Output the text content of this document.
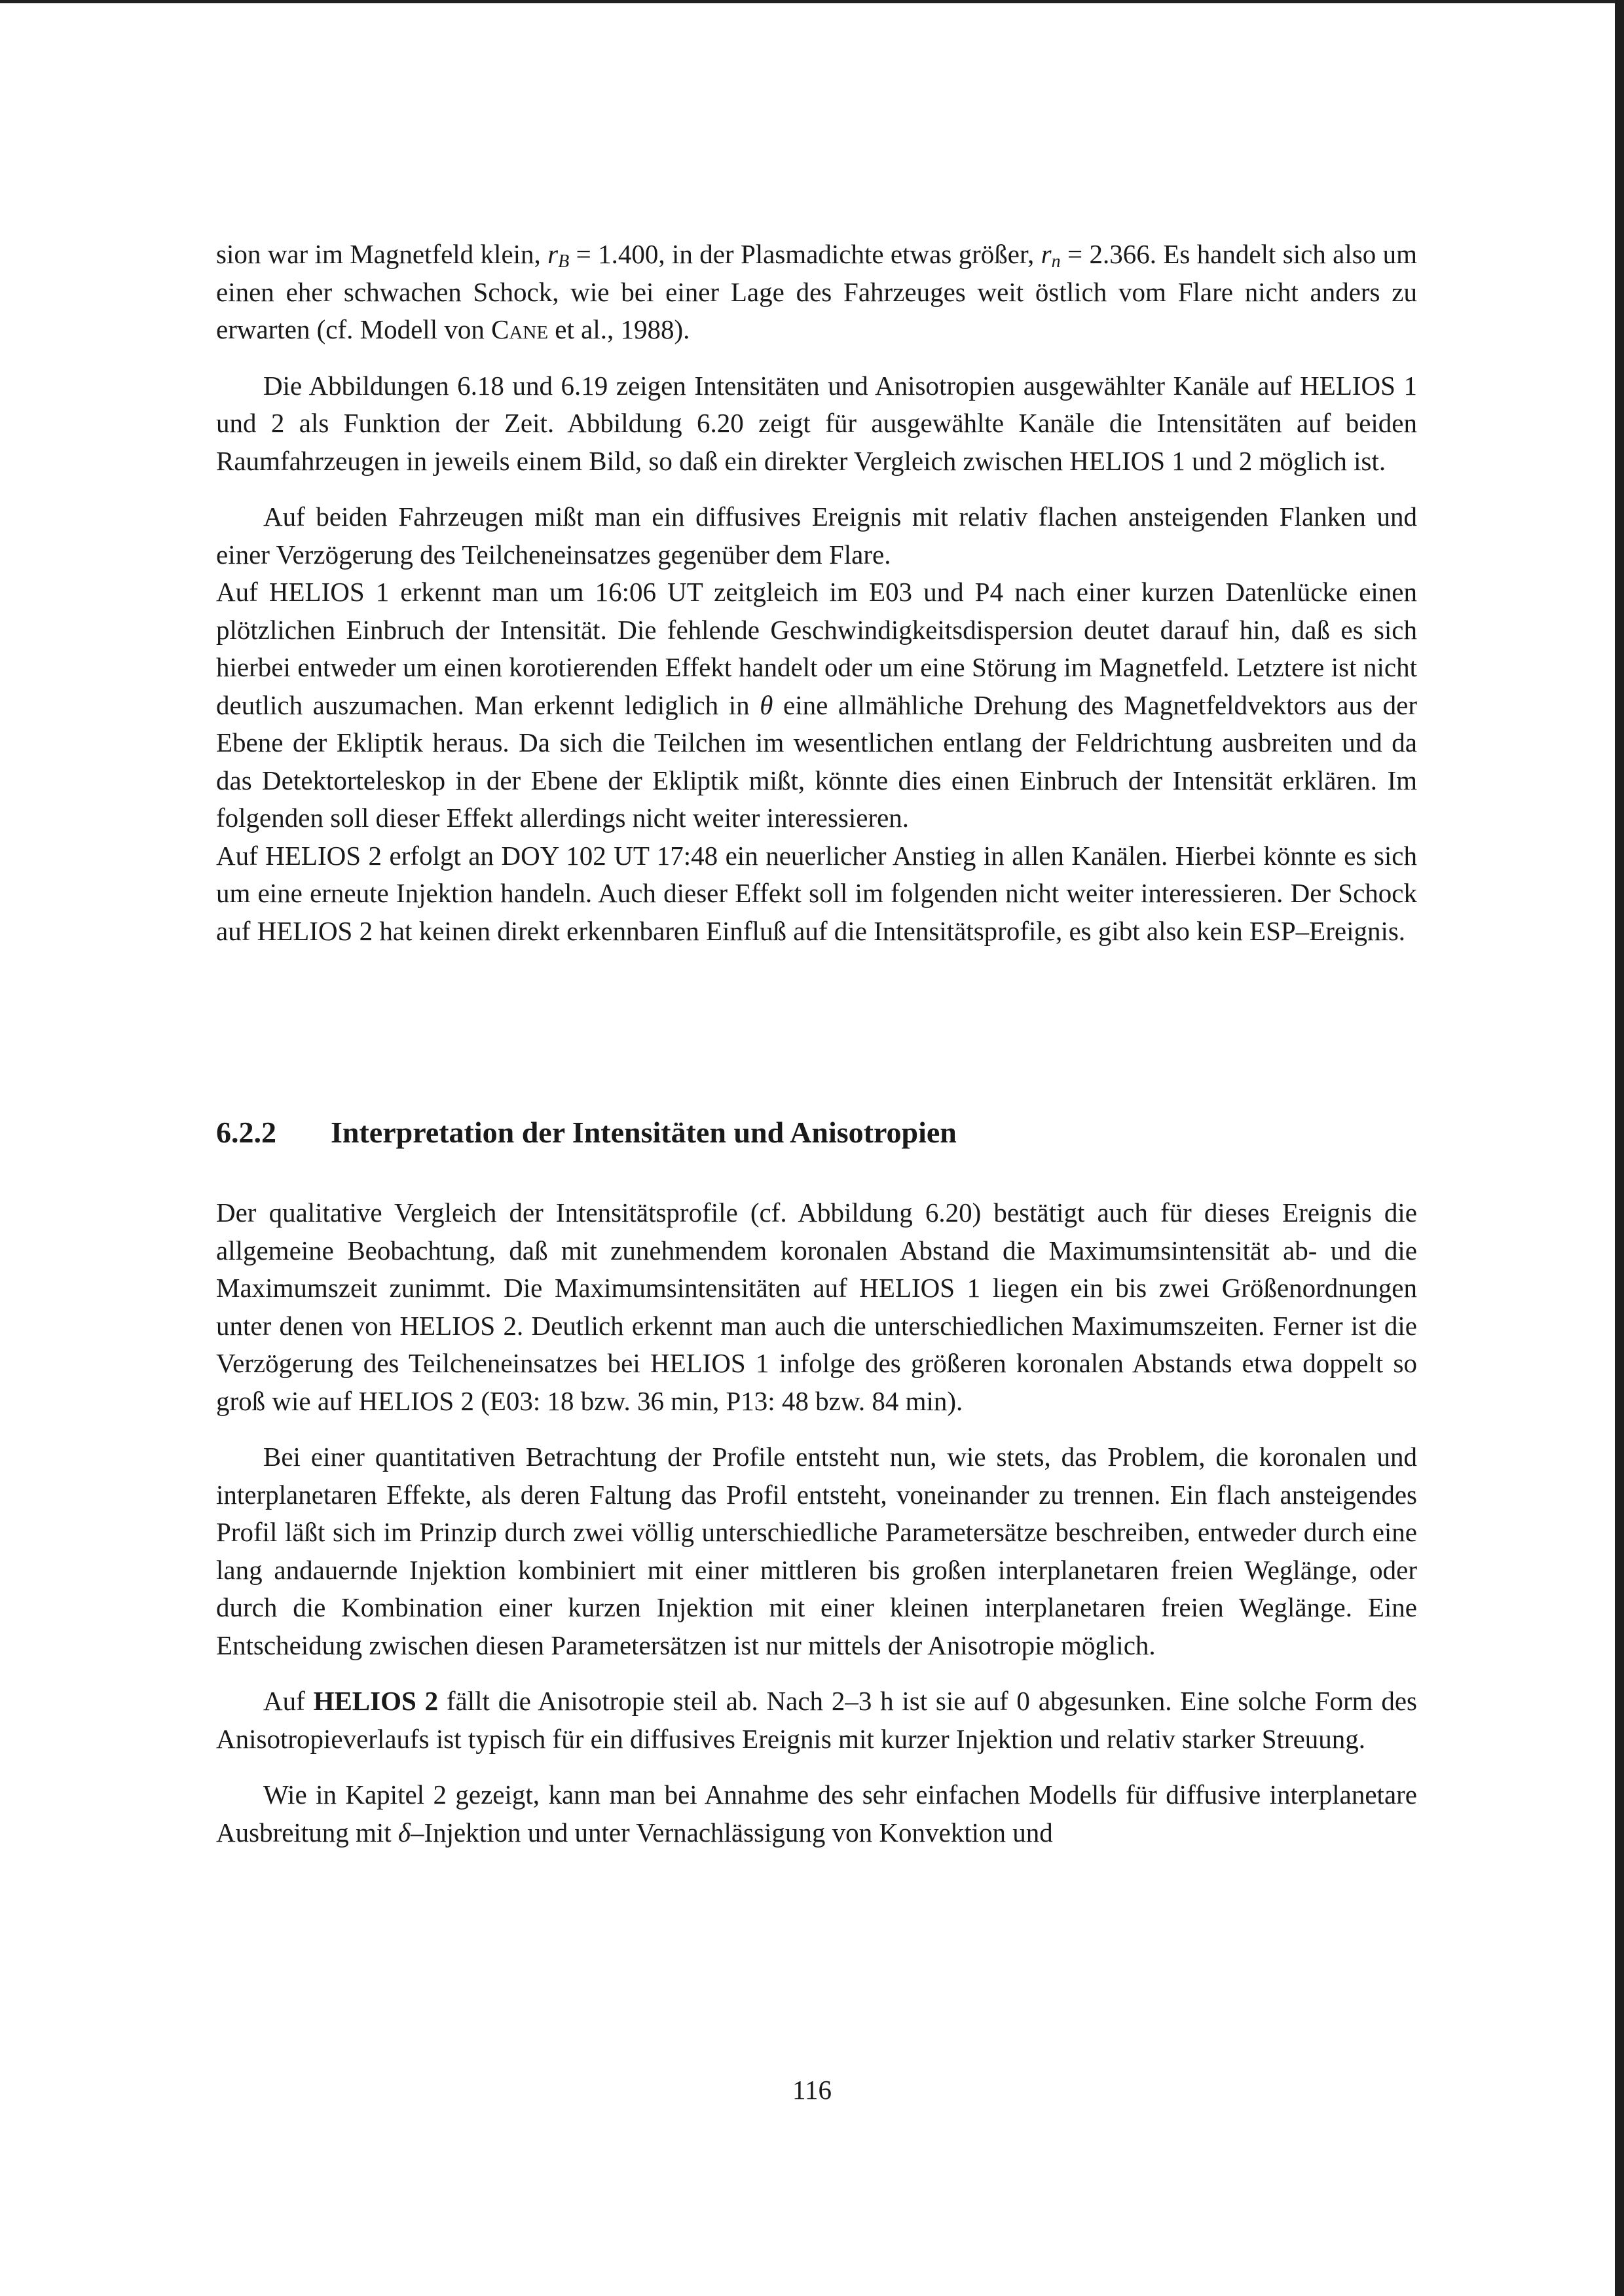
sion war im Magnetfeld klein, $r_B = 1.400$, in der Plasmadichte etwas größer, $r_n = 2.366$. Es handelt sich also um einen eher schwachen Schock, wie bei einer Lage des Fahrzeuges weit östlich vom Flare nicht anders zu erwarten (cf. Modell von Cane et al., 1988).

Die Abbildungen 6.18 und 6.19 zeigen Intensitäten und Anisotropien ausgewählter Kanäle auf HELIOS 1 und 2 als Funktion der Zeit. Abbildung 6.20 zeigt für ausgewählte Kanäle die Intensitäten auf beiden Raumfahrzeugen in jeweils einem Bild, so daß ein direkter Vergleich zwischen HELIOS 1 und 2 möglich ist.

Auf beiden Fahrzeugen mißt man ein diffusives Ereignis mit relativ flachen ansteigenden Flanken und einer Verzögerung des Teilcheneinsatzes gegenüber dem Flare.

Auf HELIOS 1 erkennt man um 16:06 UT zeitgleich im E03 und P4 nach einer kurzen Datenlücke einen plötzlichen Einbruch der Intensität. Die fehlende Geschwindigkeitsdispersion deutet darauf hin, daß es sich hierbei entweder um einen korotierenden Effekt handelt oder um eine Störung im Magnetfeld. Letztere ist nicht deutlich auszumachen. Man erkennt lediglich in θ eine allmähliche Drehung des Magnetfeldvektors aus der Ebene der Ekliptik heraus. Da sich die Teilchen im wesentlichen entlang der Feldrichtung ausbreiten und da das Detektorteleskop in der Ebene der Ekliptik mißt, könnte dies einen Einbruch der Intensität erklären. Im folgenden soll dieser Effekt allerdings nicht weiter interessieren.

Auf HELIOS 2 erfolgt an DOY 102 UT 17:48 ein neuerlicher Anstieg in allen Kanälen. Hierbei könnte es sich um eine erneute Injektion handeln. Auch dieser Effekt soll im folgenden nicht weiter interessieren. Der Schock auf HELIOS 2 hat keinen direkt erkennbaren Einfluß auf die Intensitätsprofile, es gibt also kein ESP–Ereignis.

6.2.2 Interpretation der Intensitäten und Anisotropien

Der qualitative Vergleich der Intensitätsprofile (cf. Abbildung 6.20) bestätigt auch für dieses Ereignis die allgemeine Beobachtung, daß mit zunehmendem koronalen Abstand die Maximumsintensität ab- und die Maximumszeit zunimmt. Die Maximumsintensitäten auf HELIOS 1 liegen ein bis zwei Größenordnungen unter denen von HELIOS 2. Deutlich erkennt man auch die unterschiedlichen Maximumszeiten. Ferner ist die Verzögerung des Teilcheneinsatzes bei HELIOS 1 infolge des größeren koronalen Abstands etwa doppelt so groß wie auf HELIOS 2 (E03: 18 bzw. 36 min, P13: 48 bzw. 84 min).

Bei einer quantitativen Betrachtung der Profile entsteht nun, wie stets, das Problem, die koronalen und interplanetaren Effekte, als deren Faltung das Profil entsteht, voneinander zu trennen. Ein flach ansteigendes Profil läßt sich im Prinzip durch zwei völlig unterschiedliche Parametersätze beschreiben, entweder durch eine lang andauernde Injektion kombiniert mit einer mittleren bis großen interplanetaren freien Weglänge, oder durch die Kombination einer kurzen Injektion mit einer kleinen interplanetaren freien Weglänge. Eine Entscheidung zwischen diesen Parametersätzen ist nur mittels der Anisotropie möglich.

Auf HELIOS 2 fällt die Anisotropie steil ab. Nach 2–3 h ist sie auf 0 abgesunken. Eine solche Form des Anisotropieverlaufs ist typisch für ein diffusives Ereignis mit kurzer Injektion und relativ starker Streuung.

Wie in Kapitel 2 gezeigt, kann man bei Annahme des sehr einfachen Modells für diffusive interplanetare Ausbreitung mit δ–Injektion und unter Vernachlässigung von Konvektion und

116
